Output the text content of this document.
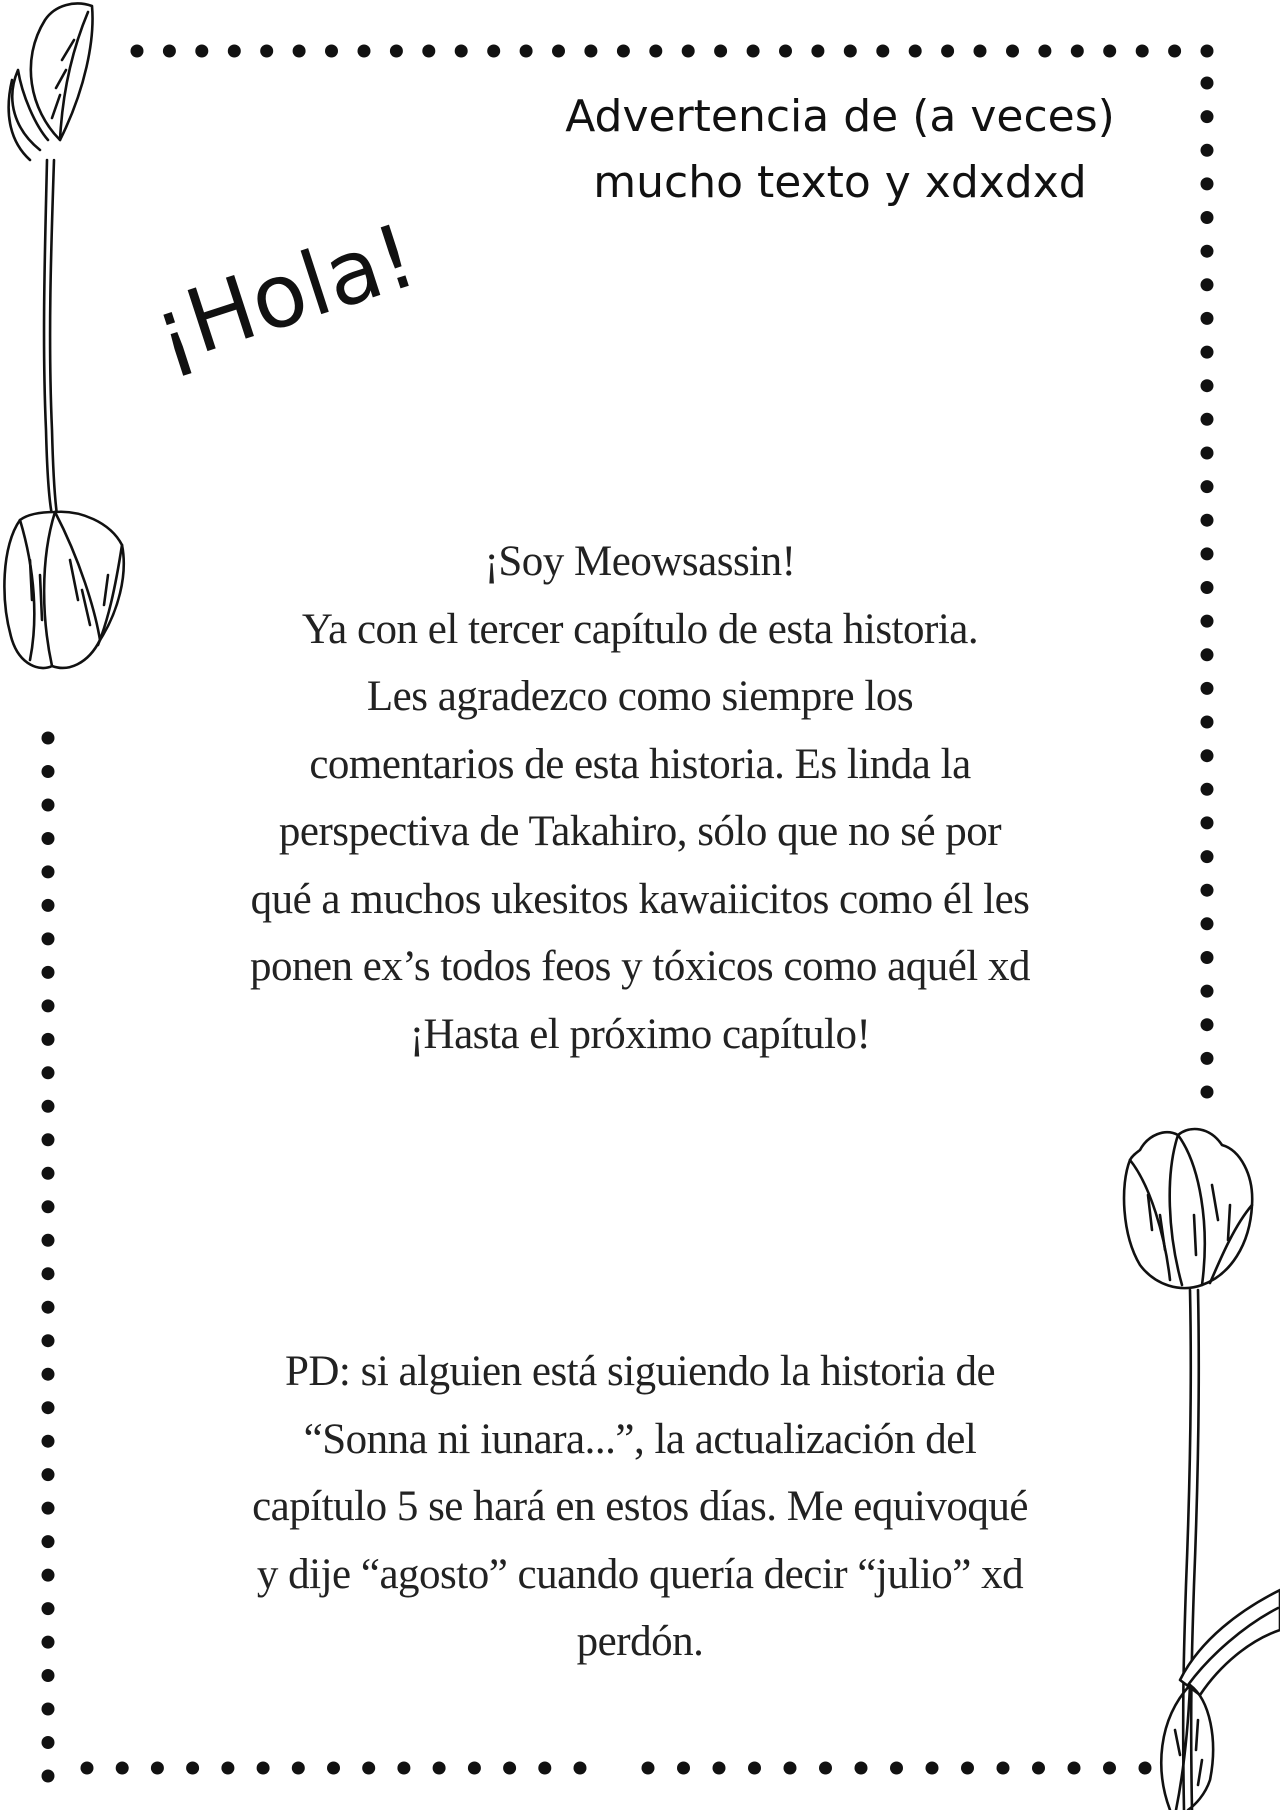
Advertencia de (a veces)
mucho texto y xdxdxd
¡Hola!
¡Soy Meowsassin!
Ya con el tercer capítulo de esta historia.
Les agradezco como siempre los
comentarios de esta historia. Es linda la
perspectiva de Takahiro, sólo que no sé por
qué a muchos ukesitos kawaiicitos como él les
ponen ex’s todos feos y tóxicos como aquél xd
¡Hasta el próximo capítulo!
PD: si alguien está siguiendo la historia de
“Sonna ni iunara...”, la actualización del
capítulo 5 se hará en estos días. Me equivoqué
y dije “agosto” cuando quería decir “julio” xd
perdón.
